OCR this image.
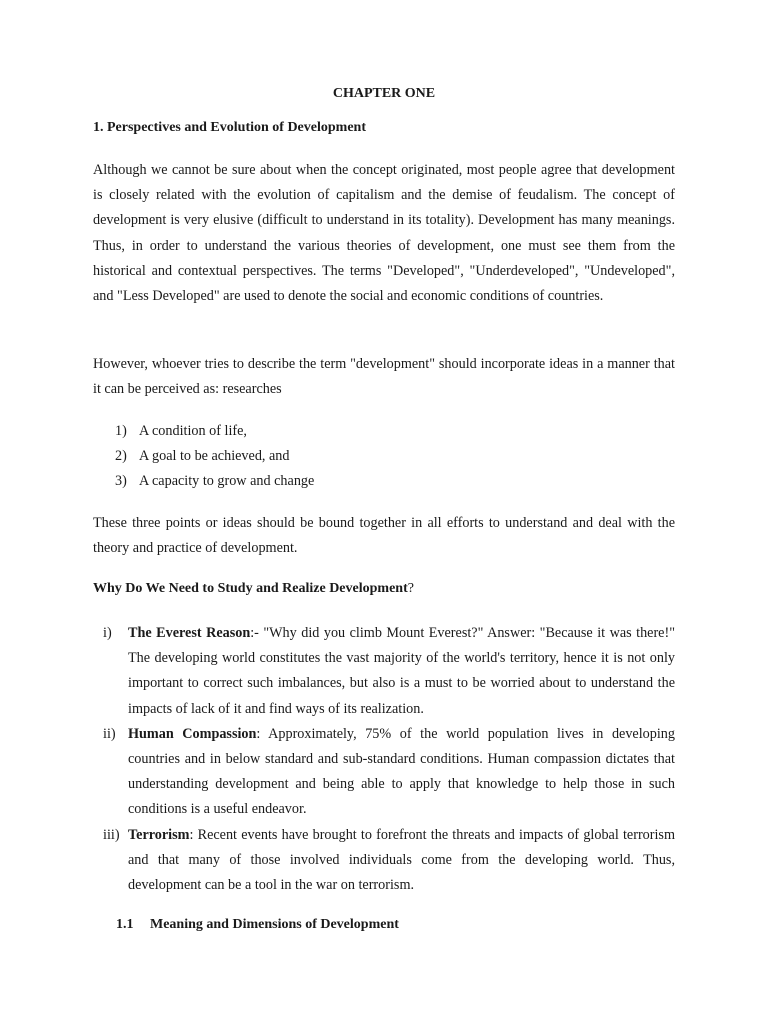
CHAPTER ONE
1. Perspectives and Evolution of Development

Although we cannot be sure about when the concept originated, most people agree that development is closely related with the evolution of capitalism and the demise of feudalism. The concept of development is very elusive (difficult to understand in its totality). Development has many meanings. Thus, in order to understand the various theories of development, one must see them from the historical and contextual perspectives. The terms "Developed", "Underdeveloped", "Undeveloped", and "Less Developed" are used to denote the social and economic conditions of countries.

However, whoever tries to describe the term "development" should incorporate ideas in a manner that it can be perceived as: researches

1) A condition of life,
2) A goal to be achieved, and
3) A capacity to grow and change

These three points or ideas should be bound together in all efforts to understand and deal with the theory and practice of development.

Why Do We Need to Study and Realize Development?
i) The Everest Reason:- "Why did you climb Mount Everest?" Answer: "Because it was there!" The developing world constitutes the vast majority of the world's territory, hence it is not only important to correct such imbalances, but also is a must to be worried about to understand the impacts of lack of it and find ways of its realization.
ii) Human Compassion: Approximately, 75% of the world population lives in developing countries and in below standard and sub-standard conditions. Human compassion dictates that understanding development and being able to apply that knowledge to help those in such conditions is a useful endeavor.
iii) Terrorism: Recent events have brought to forefront the threats and impacts of global terrorism and that many of those involved individuals come from the developing world. Thus, development can be a tool in the war on terrorism.
1.1 Meaning and Dimensions of Development
